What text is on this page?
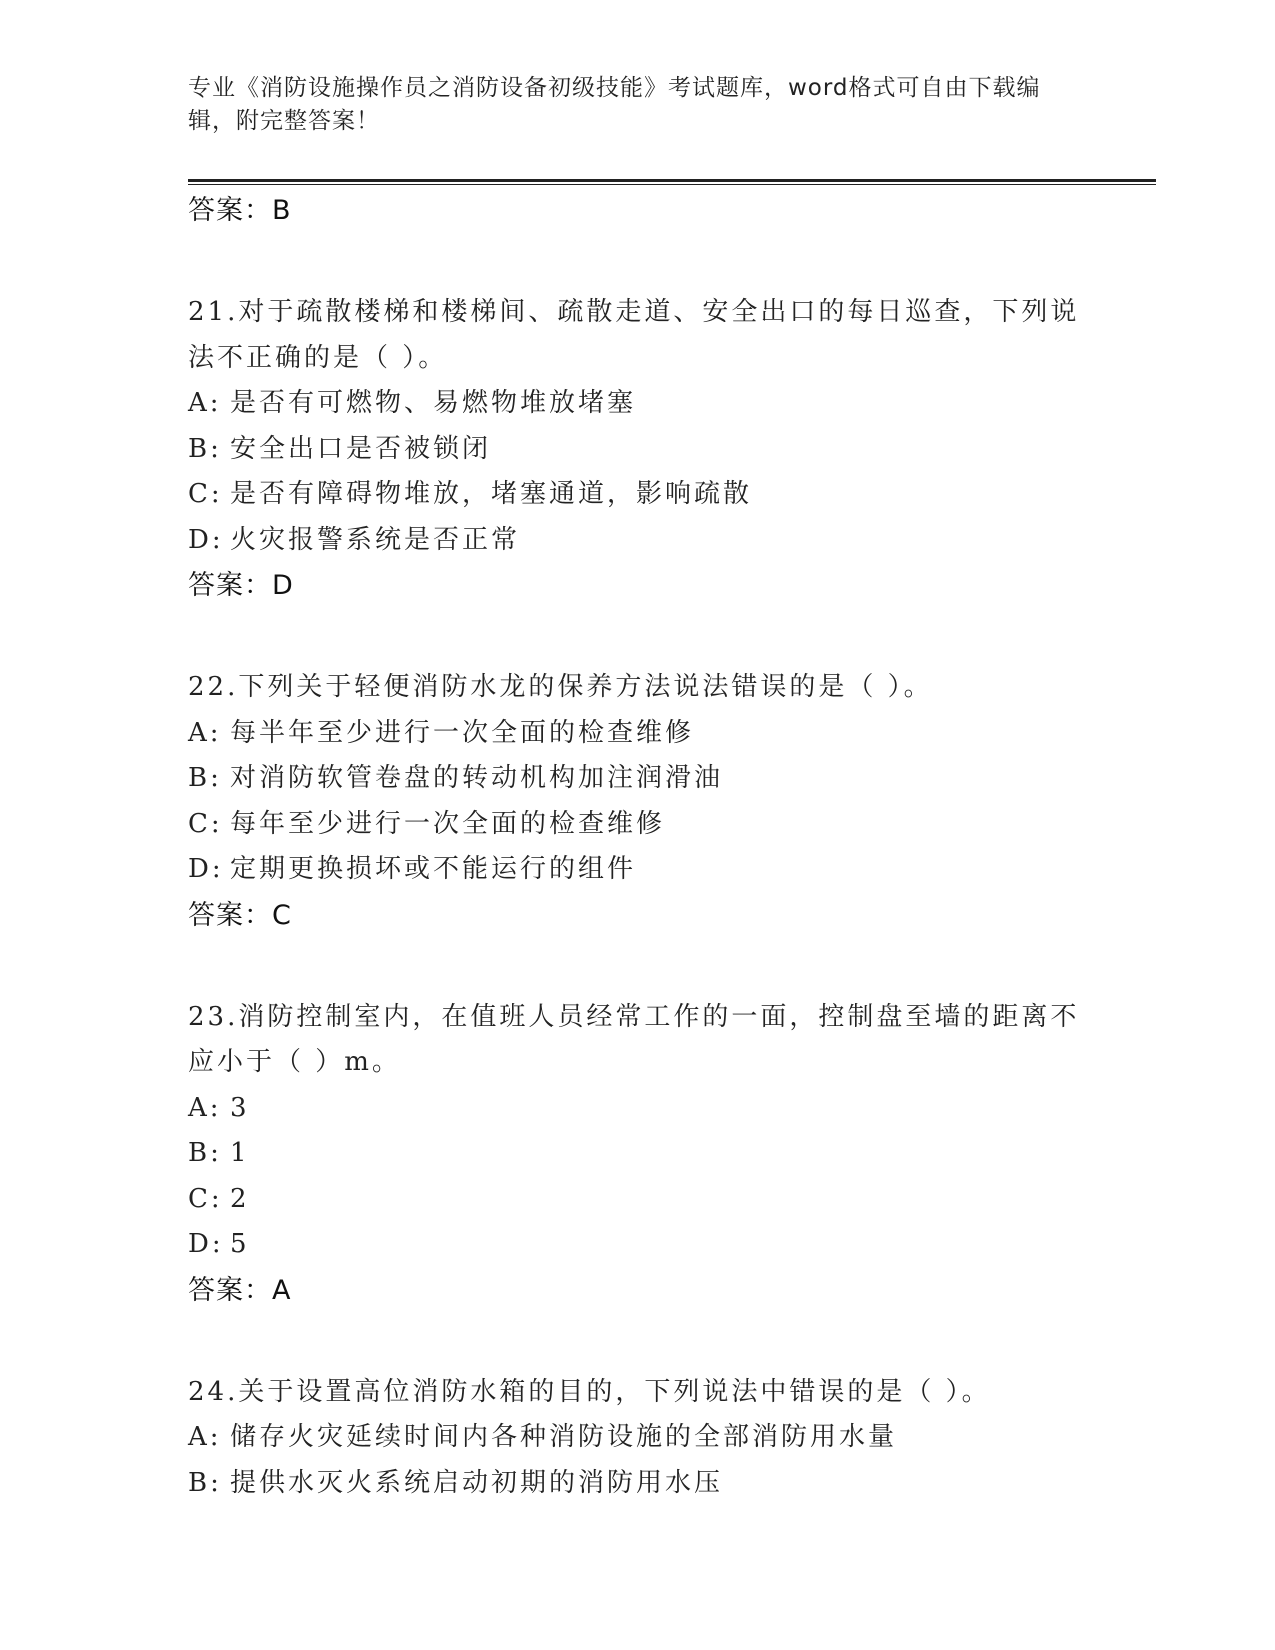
专业《消防设施操作员之消防设备初级技能》考试题库，word格式可自由下载编
辑，附完整答案！
答案：B
21.对于疏散楼梯和楼梯间、疏散走道、安全出口的每日巡查，下列说
法不正确的是（ ）。
A: 是否有可燃物、易燃物堆放堵塞
B: 安全出口是否被锁闭
C: 是否有障碍物堆放，堵塞通道，影响疏散
D: 火灾报警系统是否正常
答案：D
22.下列关于轻便消防水龙的保养方法说法错误的是（ ）。
A: 每半年至少进行一次全面的检查维修
B: 对消防软管卷盘的转动机构加注润滑油
C: 每年至少进行一次全面的检查维修
D: 定期更换损坏或不能运行的组件
答案：C
23.消防控制室内，在值班人员经常工作的一面，控制盘至墙的距离不
应小于（ ）m。
A: 3
B: 1
C: 2
D: 5
答案：A
24.关于设置高位消防水箱的目的，下列说法中错误的是（ ）。
A: 储存火灾延续时间内各种消防设施的全部消防用水量
B: 提供水灭火系统启动初期的消防用水压
